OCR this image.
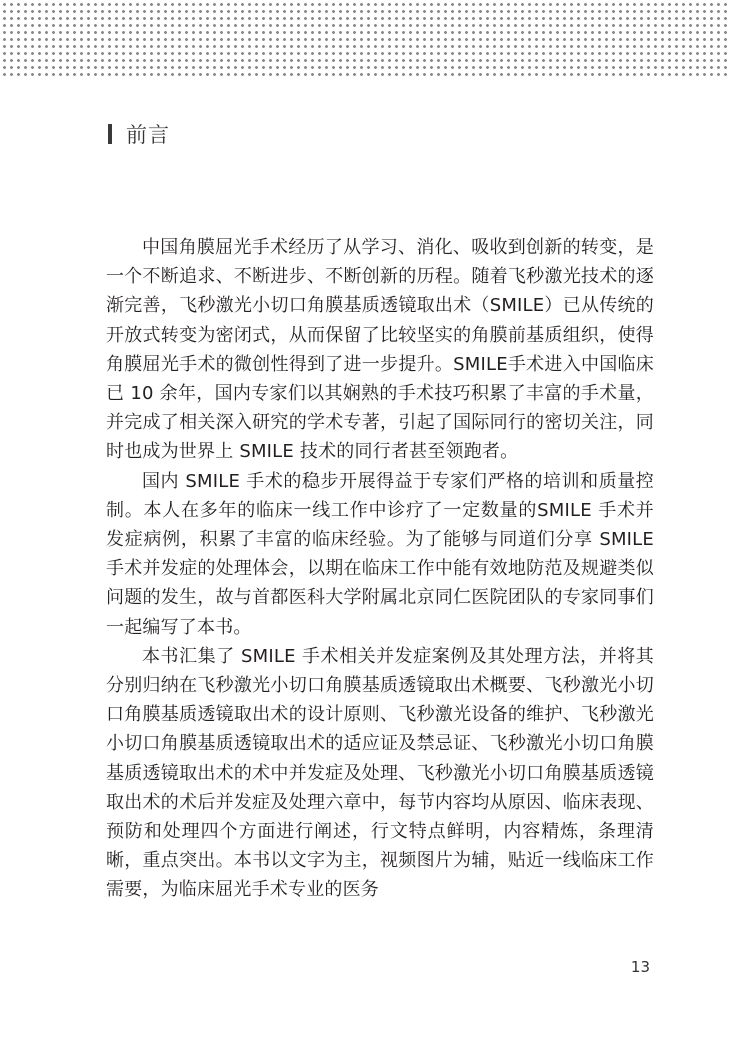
前言

中国角膜屈光手术经历了从学习、消化、吸收到创新的转变，是一个不断追求、不断进步、不断创新的历程。随着飞秒激光技术的逐渐完善，飞秒激光小切口角膜基质透镜取出术（SMILE）已从传统的开放式转变为密闭式，从而保留了比较坚实的角膜前基质组织，使得角膜屈光手术的微创性得到了进一步提升。SMILE手术进入中国临床已 10 余年，国内专家们以其娴熟的手术技巧积累了丰富的手术量，并完成了相关深入研究的学术专著，引起了国际同行的密切关注，同时也成为世界上 SMILE 技术的同行者甚至领跑者。

国内 SMILE 手术的稳步开展得益于专家们严格的培训和质量控制。本人在多年的临床一线工作中诊疗了一定数量的SMILE 手术并发症病例，积累了丰富的临床经验。为了能够与同道们分享 SMILE 手术并发症的处理体会，以期在临床工作中能有效地防范及规避类似问题的发生，故与首都医科大学附属北京同仁医院团队的专家同事们一起编写了本书。

本书汇集了 SMILE 手术相关并发症案例及其处理方法，并将其分别归纳在飞秒激光小切口角膜基质透镜取出术概要、飞秒激光小切口角膜基质透镜取出术的设计原则、飞秒激光设备的维护、飞秒激光小切口角膜基质透镜取出术的适应证及禁忌证、飞秒激光小切口角膜基质透镜取出术的术中并发症及处理、飞秒激光小切口角膜基质透镜取出术的术后并发症及处理六章中，每节内容均从原因、临床表现、预防和处理四个方面进行阐述，行文特点鲜明，内容精炼，条理清晰，重点突出。本书以文字为主，视频图片为辅，贴近一线临床工作需要，为临床屈光手术专业的医务

13
